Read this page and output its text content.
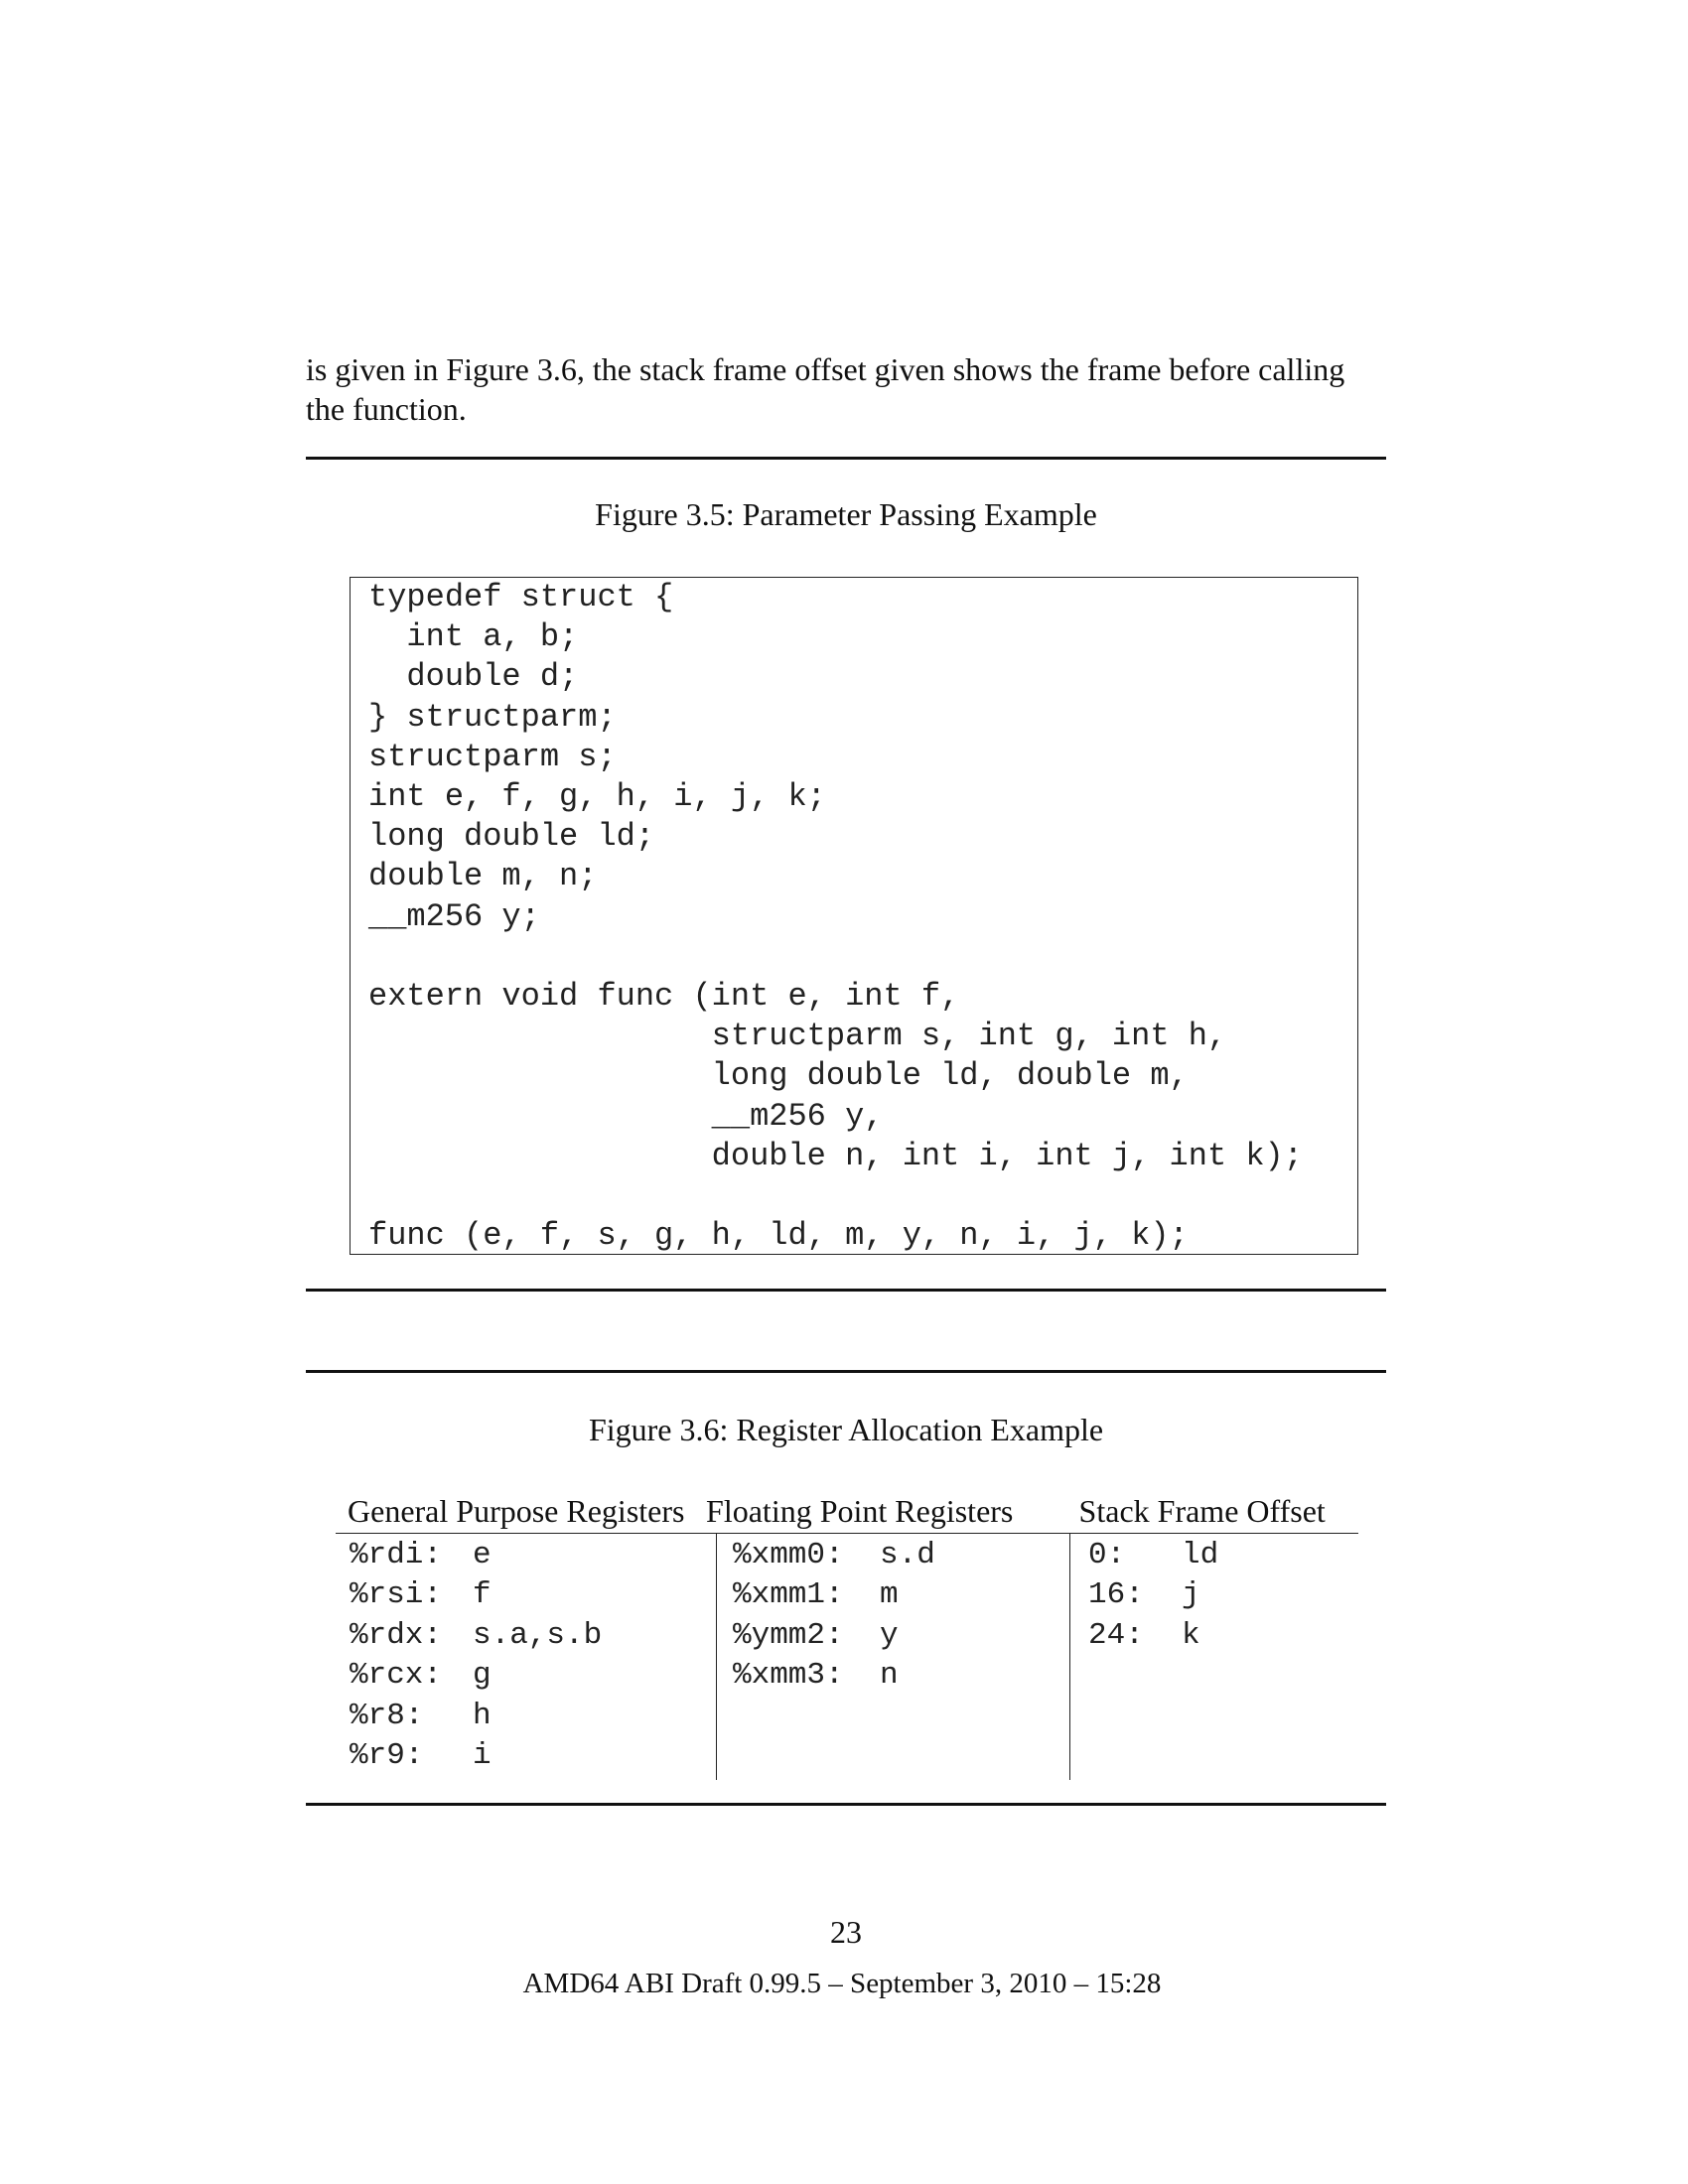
is given in Figure 3.6, the stack frame offset given shows the frame before calling the function.

Figure 3.5: Parameter Passing Example
typedef struct {
int a, b;
double d;
} structparm;
structparm s;
int e, f, g, h, i, j, k;
long double ld;
double m, n;
__m256 y;

extern void func (int e, int f,
structparm s, int g, int h,
long double ld, double m,
__m256 y,
double n, int i, int j, int k);

func (e, f, s, g, h, ld, m, y, n, i, j, k);

Figure 3.6: Register Allocation Example
General Purpose Registers Floating Point Registers	Stack Frame Offset
%rdi: e
%rsi: f
%rdx: s.a,s.b
%rcx: g
%r8: h
%r9: i
%xmm0: s.d
%xmm1: m
%ymm2: y
%xmm3: n
0: ld
16: j
24: k
23
AMD64 ABI Draft 0.99.5 – September 3, 2010 – 15:28
